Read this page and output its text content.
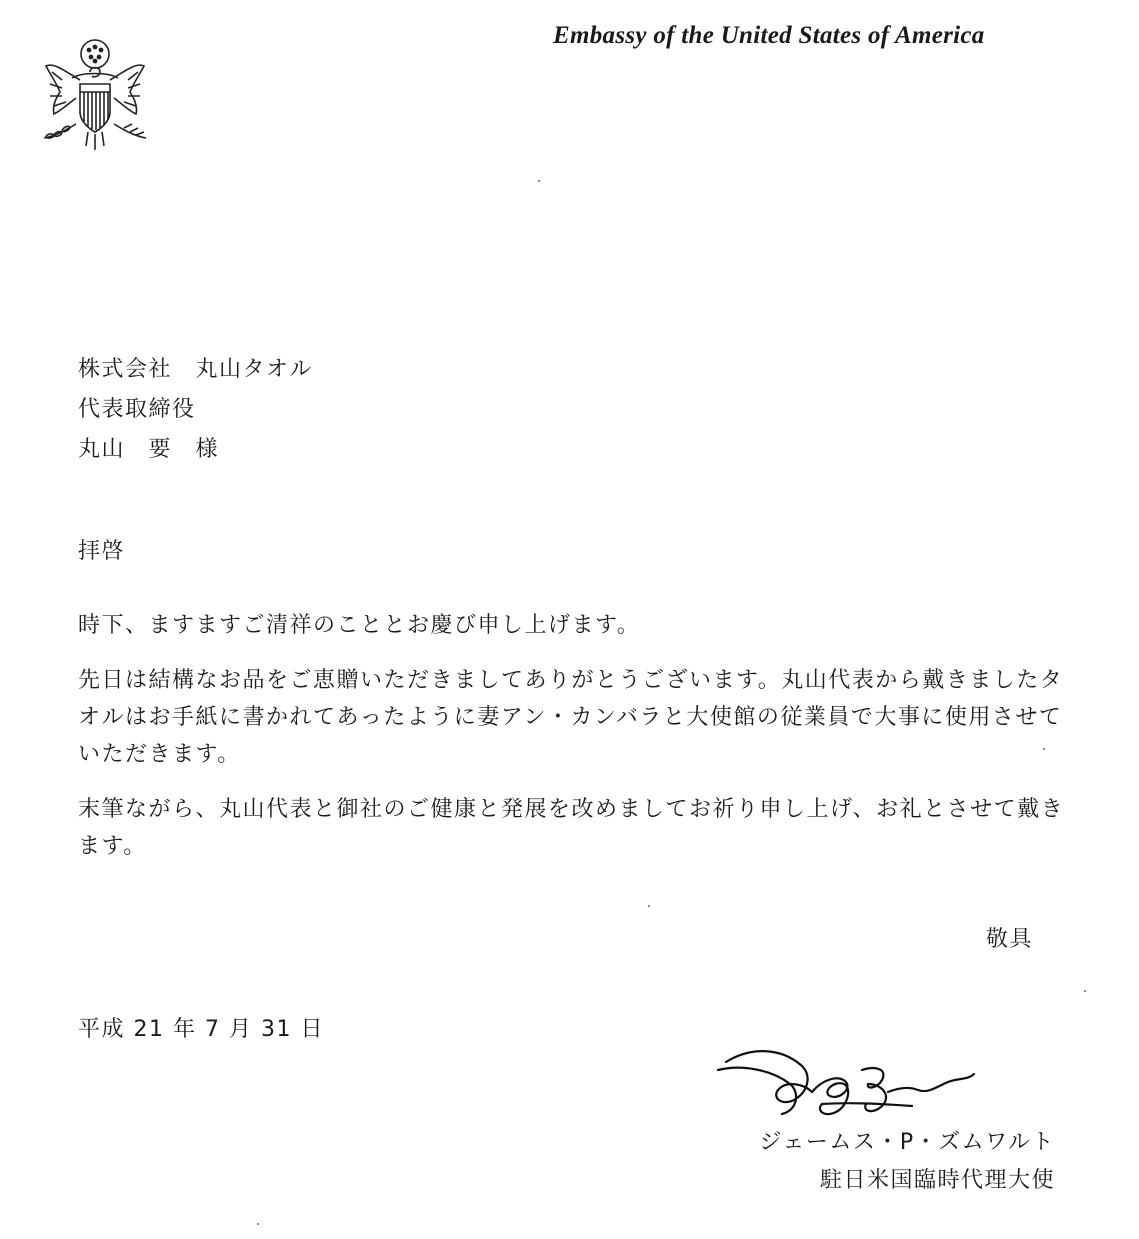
Embassy of the United States of America
株式会社　丸山タオル
代表取締役
丸山　要　様
拝啓

時下、ますますご清祥のこととお慶び申し上げます。

先日は結構なお品をご恵贈いただきましてありがとうございます。丸山代表から戴きましたタオルはお手紙に書かれてあったように妻アン・カンバラと大使館の従業員で大事に使用させていただきます。

末筆ながら、丸山代表と御社のご健康と発展を改めましてお祈り申し上げ、お礼とさせて戴きます。

敬具
平成 21 年 7 月 31 日
ジェームス・P・ズムワルト
駐日米国臨時代理大使
